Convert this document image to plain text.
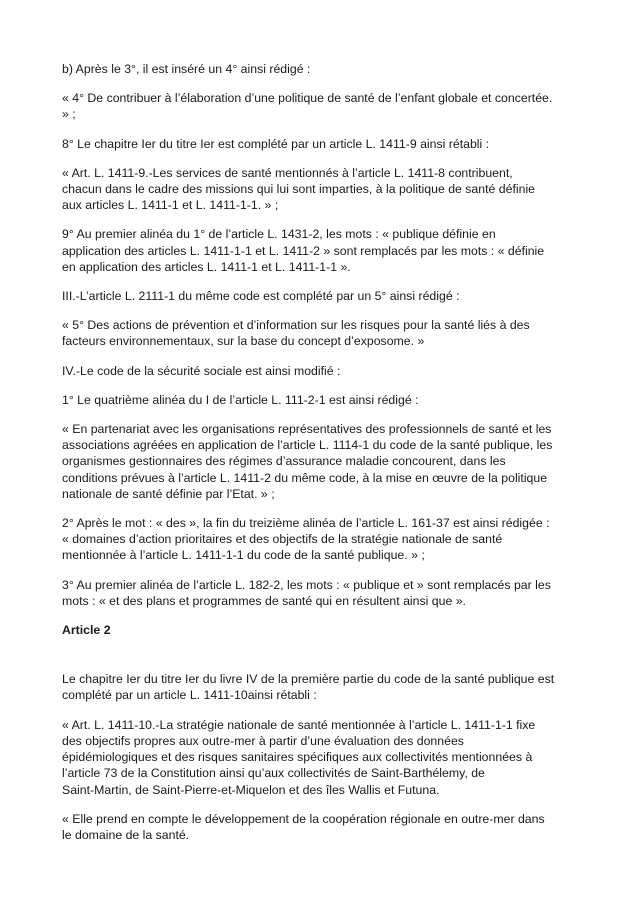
b) Après le 3°, il est inséré un 4° ainsi rédigé :

« 4° De contribuer à l’élaboration d’une politique de santé de l’enfant globale et concertée.
» ;

8° Le chapitre Ier du titre Ier est complété par un article L. 1411-9 ainsi rétabli :

« Art. L. 1411-9.-Les services de santé mentionnés à l’article L. 1411-8 contribuent,
chacun dans le cadre des missions qui lui sont imparties, à la politique de santé définie
aux articles L. 1411-1 et L. 1411-1-1. » ;

9° Au premier alinéa du 1° de l’article L. 1431-2, les mots : « publique définie en
application des articles L. 1411-1-1 et L. 1411-2 » sont remplacés par les mots : « définie
en application des articles L. 1411-1 et L. 1411-1-1 ».

III.-L’article L. 2111-1 du même code est complété par un 5° ainsi rédigé :

« 5° Des actions de prévention et d’information sur les risques pour la santé liés à des
facteurs environnementaux, sur la base du concept d’exposome. »

IV.-Le code de la sécurité sociale est ainsi modifié :

1° Le quatrième alinéa du I de l’article L. 111-2-1 est ainsi rédigé :

« En partenariat avec les organisations représentatives des professionnels de santé et les
associations agréées en application de l’article L. 1114-1 du code de la santé publique, les
organismes gestionnaires des régimes d’assurance maladie concourent, dans les
conditions prévues à l’article L. 1411-2 du même code, à la mise en œuvre de la politique
nationale de santé définie par l’Etat. » ;

2° Après le mot : « des », la fin du treizième alinéa de l’article L. 161-37 est ainsi rédigée :
« domaines d’action prioritaires et des objectifs de la stratégie nationale de santé
mentionnée à l’article L. 1411-1-1 du code de la santé publique. » ;

3° Au premier alinéa de l’article L. 182-2, les mots : « publique et » sont remplacés par les
mots : « et des plans et programmes de santé qui en résultent ainsi que ».

Article 2

Le chapitre Ier du titre Ier du livre IV de la première partie du code de la santé publique est
complété par un article L. 1411-10ainsi rétabli :

« Art. L. 1411-10.-La stratégie nationale de santé mentionnée à l’article L. 1411-1-1 fixe
des objectifs propres aux outre-mer à partir d’une évaluation des données
épidémiologiques et des risques sanitaires spécifiques aux collectivités mentionnées à
l’article 73 de la Constitution ainsi qu’aux collectivités de Saint-Barthélemy, de
Saint-Martin, de Saint-Pierre-et-Miquelon et des îles Wallis et Futuna.

« Elle prend en compte le développement de la coopération régionale en outre-mer dans
le domaine de la santé.
